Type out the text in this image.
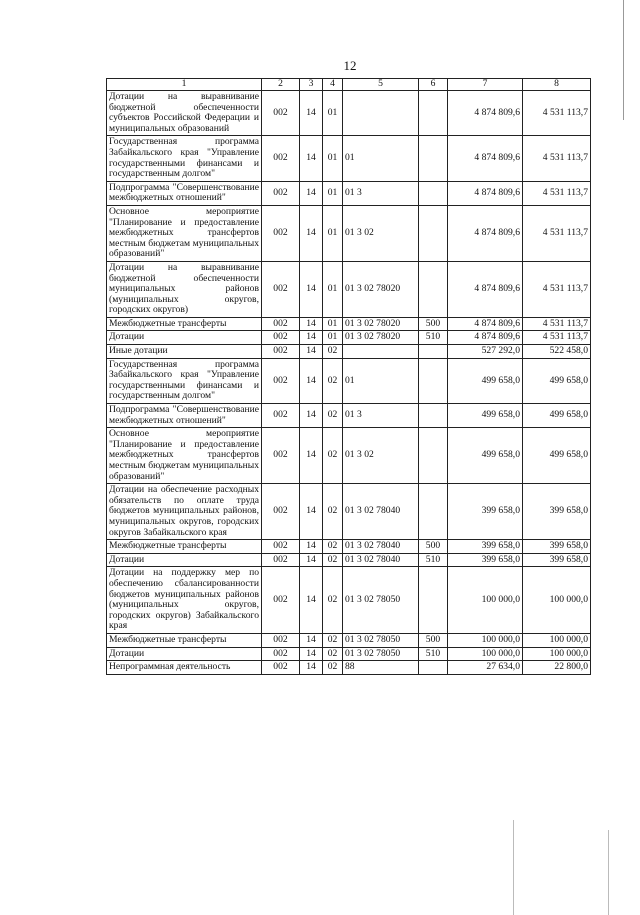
12
1	2	3	4	5	6	7	8
Дотации на выравнивание бюджетной обеспеченности субъектов Российской Федерации и муниципальных образований	002	14	01			4 874 809,6	4 531 113,7
Государственная программа Забайкальского края "Управление государственными финансами и государственным долгом"	002	14	01	01		4 874 809,6	4 531 113,7
Подпрограмма "Совершенствование межбюджетных отношений"	002	14	01	01 3		4 874 809,6	4 531 113,7
Основное мероприятие "Планирование и предоставление межбюджетных трансфертов местным бюджетам муниципальных образований"	002	14	01	01 3 02		4 874 809,6	4 531 113,7
Дотации на выравнивание бюджетной обеспеченности муниципальных районов (муниципальных округов, городских округов)	002	14	01	01 3 02 78020		4 874 809,6	4 531 113,7
Межбюджетные трансферты	002	14	01	01 3 02 78020	500	4 874 809,6	4 531 113,7
Дотации	002	14	01	01 3 02 78020	510	4 874 809,6	4 531 113,7
Иные дотации	002	14	02			527 292,0	522 458,0
Государственная программа Забайкальского края "Управление государственными финансами и государственным долгом"	002	14	02	01		499 658,0	499 658,0
Подпрограмма "Совершенствование межбюджетных отношений"	002	14	02	01 3		499 658,0	499 658,0
Основное мероприятие "Планирование и предоставление межбюджетных трансфертов местным бюджетам муниципальных образований"	002	14	02	01 3 02		499 658,0	499 658,0
Дотации на обеспечение расходных обязательств по оплате труда бюджетов муниципальных районов, муниципальных округов, городских округов Забайкальского края	002	14	02	01 3 02 78040		399 658,0	399 658,0
Межбюджетные трансферты	002	14	02	01 3 02 78040	500	399 658,0	399 658,0
Дотации	002	14	02	01 3 02 78040	510	399 658,0	399 658,0
Дотации на поддержку мер по обеспечению сбалансированности бюджетов муниципальных районов (муниципальных округов, городских округов) Забайкальского края	002	14	02	01 3 02 78050		100 000,0	100 000,0
Межбюджетные трансферты	002	14	02	01 3 02 78050	500	100 000,0	100 000,0
Дотации	002	14	02	01 3 02 78050	510	100 000,0	100 000,0
Непрограммная деятельность	002	14	02	88		27 634,0	22 800,0
